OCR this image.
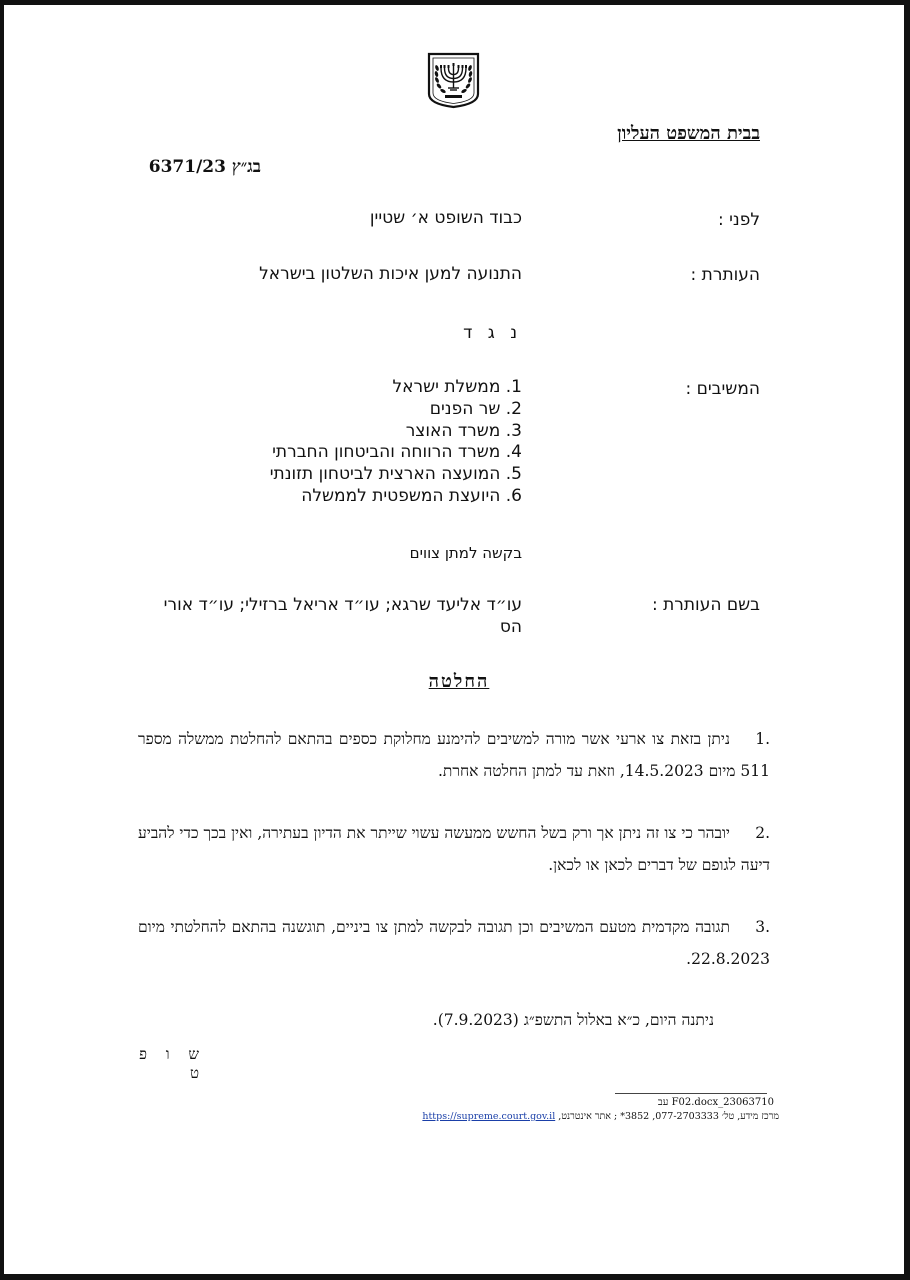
בבית המשפט העליון
בג״ץ 6371/23
לפני :
כבוד השופט א׳ שטיין
העותרת :
התנועה למען איכות השלטון בישראל
נ ג ד
המשיבים :
1. ממשלת ישראל
2. שר הפנים
3. משרד האוצר
4. משרד הרווחה והביטחון החברתי
5. המועצה הארצית לביטחון תזונתי
6. היועצת המשפטית לממשלה
בקשה למתן צווים
בשם העותרת :
עו״ד אליעד שרגא; עו״ד אריאל ברזילי; עו״ד אורי הס
החלטה
.1ניתן בזאת צו ארעי אשר מורה למשיבים להימנע מחלוקת כספים בהתאם להחלטת ממשלה מספר 511 מיום 14.5.2023, וזאת עד למתן החלטה אחרת.
.2יובהר כי צו זה ניתן אך ורק בשל החשש ממעשה עשוי שייתר את הדיון בעתירה, ואין בכך כדי להביע דיעה לגופם של דברים לכאן או לכאן.
.3תגובה מקדמית מטעם המשיבים וכן תגובה לבקשה למתן צו ביניים, תוגשנה בהתאם להחלטתי מיום 22.8.2023.
ניתנה היום, כ״א באלול התשפ״ג (7.9.2023).
ש ו פ ט
23063710_F02.docx עב
מרכז מידע, טל׳ 077-2703333, 3852* ; אתר אינטרנט, https://supreme.court.gov.il
